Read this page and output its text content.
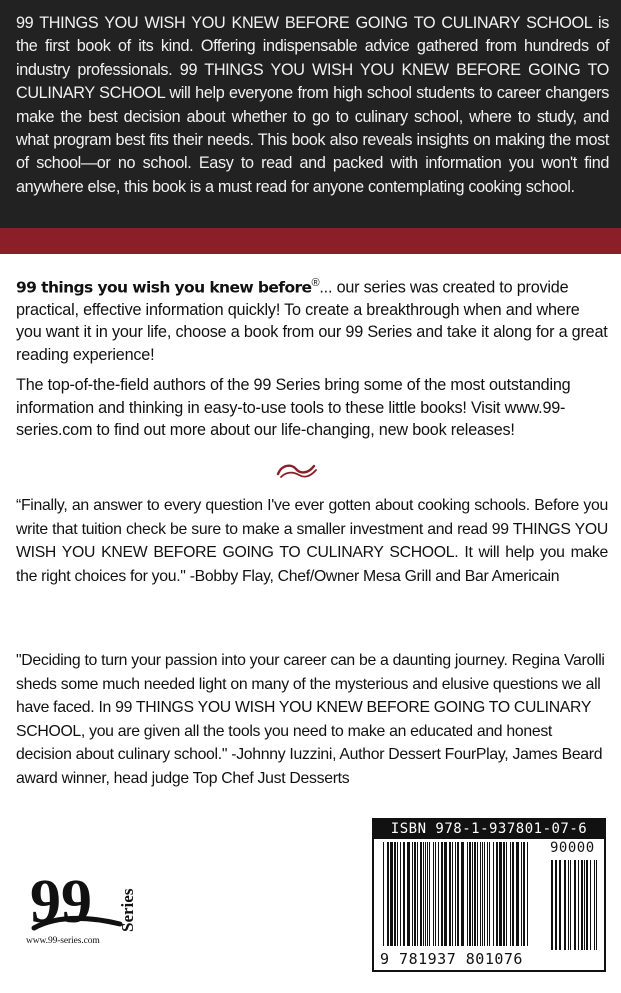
99 THINGS YOU WISH YOU KNEW BEFORE GOING TO CULINARY SCHOOL is the first book of its kind. Offering indispensable advice gathered from hundreds of industry professionals. 99 THINGS YOU WISH YOU KNEW BEFORE GOING TO CULINARY SCHOOL will help everyone from high school students to career changers make the best decision about whether to go to culinary school, where to study, and what program best fits their needs. This book also reveals insights on making the most of school—or no school. Easy to read and packed with information you won't find anywhere else, this book is a must read for anyone contemplating cooking school.

99 things you wish you knew before®... our series was created to provide practical, effective information quickly! To create a breakthrough when and where you want it in your life, choose a book from our 99 Series and take it along for a great reading experience!

The top-of-the-field authors of the 99 Series bring some of the most outstanding information and thinking in easy-to-use tools to these little books! Visit www.99-series.com to find out more about our life-changing, new book releases!

“Finally, an answer to every question I've ever gotten about cooking schools. Before you write that tuition check be sure to make a smaller investment and read 99 THINGS YOU WISH YOU KNEW BEFORE GOING TO CULINARY SCHOOL. It will help you make the right choices for you." -Bobby Flay, Chef/Owner Mesa Grill and Bar Americain

"Deciding to turn your passion into your career can be a daunting journey. Regina Varolli sheds some much needed light on many of the mysterious and elusive questions we all have faced. In 99 THINGS YOU WISH YOU KNEW BEFORE GOING TO CULINARY SCHOOL, you are given all the tools you need to make an educated and honest decision about culinary school." -Johnny Iuzzini, Author Dessert FourPlay, James Beard award winner, head judge Top Chef Just Desserts

99 Series
www.99-series.com
ISBN 978-1-937801-07-6
90000
9 781937 801076
